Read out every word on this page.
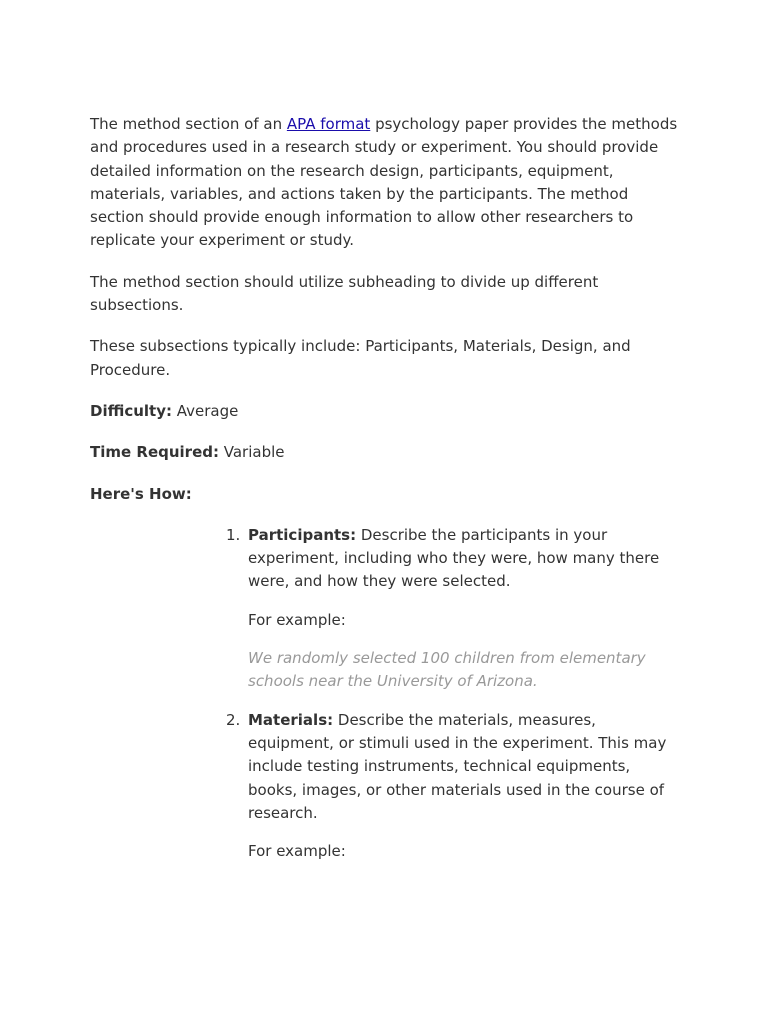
The method section of an APA format psychology paper provides the methods and procedures used in a research study or experiment. You should provide detailed information on the research design, participants, equipment, materials, variables, and actions taken by the participants. The method section should provide enough information to allow other researchers to replicate your experiment or study.

The method section should utilize subheading to divide up different subsections.

These subsections typically include: Participants, Materials, Design, and Procedure.

Difficulty: Average

Time Required: Variable

Here's How:

1. Participants: Describe the participants in your experiment, including who they were, how many there were, and how they were selected.

For example:

We randomly selected 100 children from elementary schools near the University of Arizona.

2. Materials: Describe the materials, measures, equipment, or stimuli used in the experiment. This may include testing instruments, technical equipments, books, images, or other materials used in the course of research.

For example:
